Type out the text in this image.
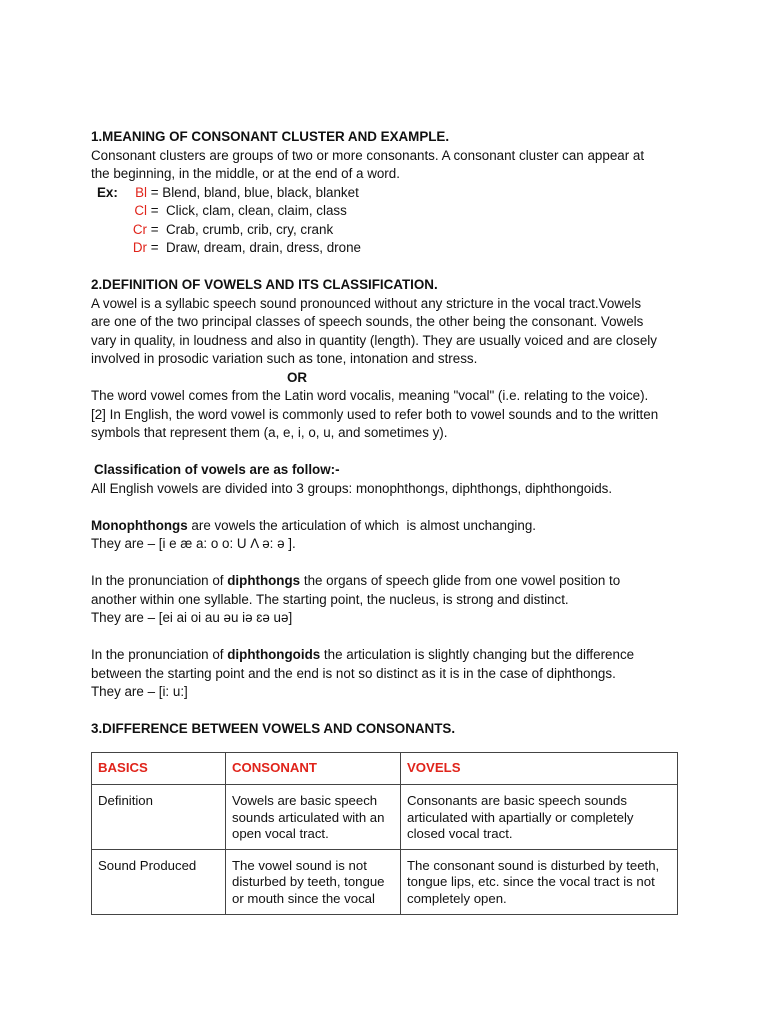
1.MEANING OF CONSONANT CLUSTER AND EXAMPLE.

Consonant clusters are groups of two or more consonants. A consonant cluster can appear at

the beginning, in the middle, or at the end of a word.

Ex:	Bl = Blend, bland, blue, black, blanket
Cl =  Click, clam, clean, claim, class
Cr =  Crab, crumb, crib, cry, crank
Dr =  Draw, dream, drain, dress, drone

2.DEFINITION OF VOWELS AND ITS CLASSIFICATION.

A vowel is a syllabic speech sound pronounced without any stricture in the vocal tract.Vowels

are one of the two principal classes of speech sounds, the other being the consonant. Vowels

vary in quality, in loudness and also in quantity (length). They are usually voiced and are closely

involved in prosodic variation such as tone, intonation and stress.

OR

The word vowel comes from the Latin word vocalis, meaning "vocal" (i.e. relating to the voice).

[2] In English, the word vowel is commonly used to refer both to vowel sounds and to the written

symbols that represent them (a, e, i, o, u, and sometimes y).

Classification of vowels are as follow:-

All English vowels are divided into 3 groups: monophthongs, diphthongs, diphthongoids.

Monophthongs are vowels the articulation of which  is almost unchanging.

They are – [i e æ a: o o: U Λ ə: ə ].

In the pronunciation of diphthongs the organs of speech glide from one vowel position to

another within one syllable. The starting point, the nucleus, is strong and distinct.

They are – [ei ai oi au əu iə ɛə uə]

In the pronunciation of diphthongoids the articulation is slightly changing but the difference

between the starting point and the end is not so distinct as it is in the case of diphthongs.

They are – [i: u:]

3.DIFFERENCE BETWEEN VOWELS AND CONSONANTS.

BASICS	CONSONANT	VOVELS
Definition	Vowels are basic speech sounds articulated with an open vocal tract.	Consonants are basic speech sounds articulated with apartially or completely closed vocal tract.
Sound Produced	The vowel sound is not disturbed by teeth, tongue or mouth since the vocal	The consonant sound is disturbed by teeth, tongue lips, etc. since the vocal tract is not completely open.
